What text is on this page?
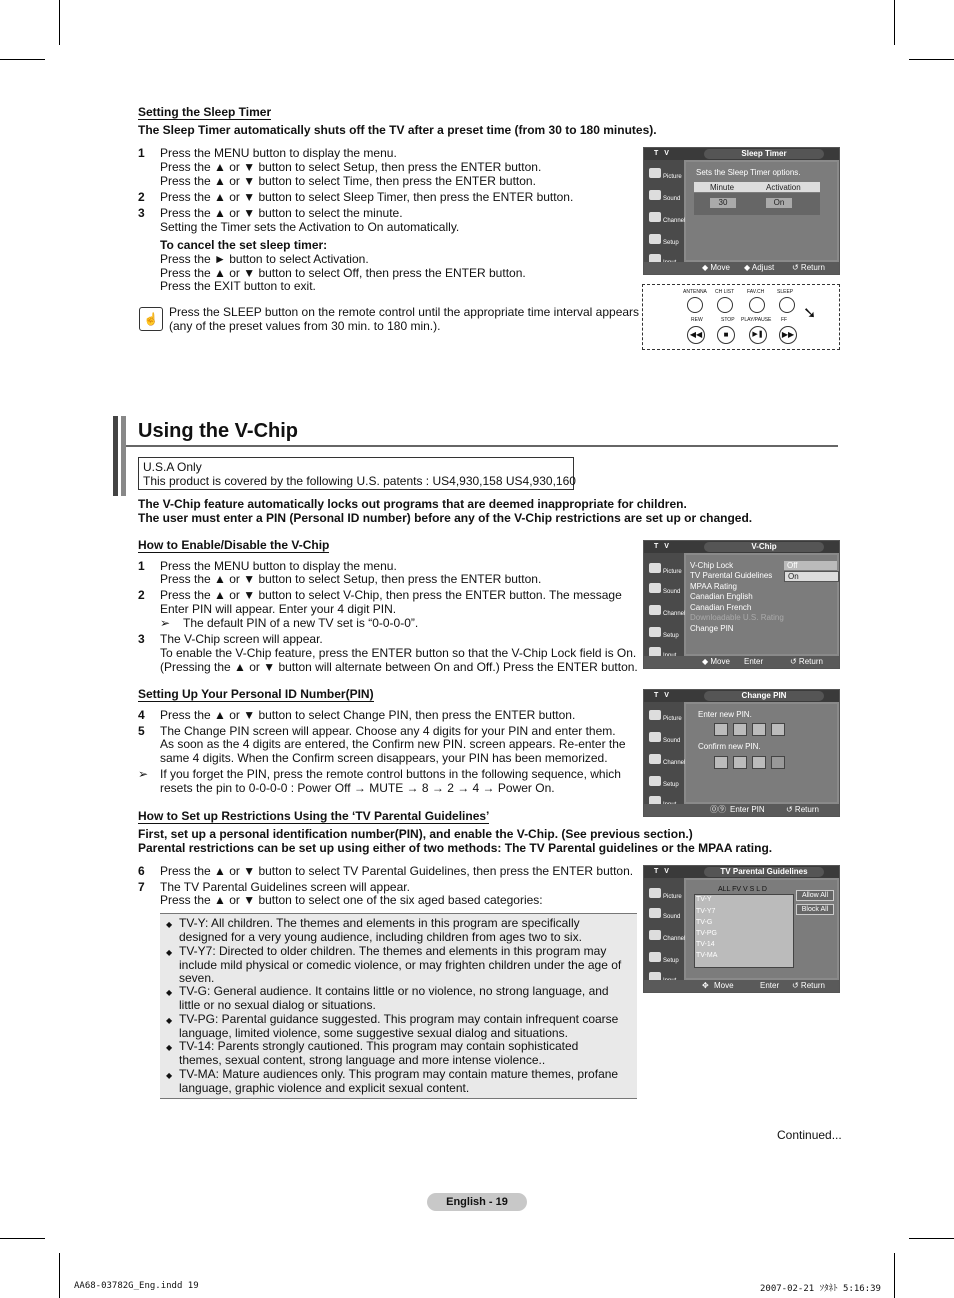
Setting the Sleep Timer
The Sleep Timer automatically shuts off the TV after a preset time (from 30 to 180 minutes).
1 Press the MENU button to display the menu.
Press the ▲ or ▼ button to select Setup, then press the ENTER button.
Press the ▲ or ▼ button to select Time, then press the ENTER button.
2 Press the ▲ or ▼ button to select Sleep Timer, then press the ENTER button.
3 Press the ▲ or ▼ button to select the minute.
Setting the Timer sets the Activation to On automatically.
To cancel the set sleep timer:
Press the ► button to select Activation.
Press the ▲ or ▼ button to select Off, then press the ENTER button.
Press the EXIT button to exit.
☝ Press the SLEEP button on the remote control until the appropriate time interval appears
(any of the preset values from 30 min. to 180 min.).
T V	Sleep Timer
Picture
Sound
Channel
Setup
Sets the Sleep Timer options.
Minute	Activation
30	On
◆ Move ◆ Adjust ↺ Return
ANTENNA CH LIST	FAV.CH	SLEEP
➘
REW	STOP PLAY/PAUSE FF
◀◀	■	▶❚	▶▶
Using the V-Chip
U.S.A Only
This product is covered by the following U.S. patents : US4,930,158 US4,930,160
The V-Chip feature automatically locks out programs that are deemed inappropriate for children.
The user must enter a PIN (Personal ID number) before any of the V-Chip restrictions are set up or changed.
How to Enable/Disable the V-Chip
1 Press the MENU button to display the menu.
Press the ▲ or ▼ button to select Setup, then press the ENTER button.
2 Press the ▲ or ▼ button to select V-Chip, then press the ENTER button. The message
Enter PIN will appear. Enter your 4 digit PIN.
➢ The default PIN of a new TV set is “0-0-0-0”.
3 The V-Chip screen will appear.
To enable the V-Chip feature, press the ENTER button so that the V-Chip Lock field is On.
(Pressing the ▲ or ▼ button will alternate between On and Off.) Press the ENTER button.
T V	V-Chip
Picture
Sound
Channel
Setup
V-Chip Lock
TV Parental Guidelines
MPAA Rating
Canadian English
Canadian French
Downloadable U.S. Rating
Change PIN
Off
On
◆ Move Enter	↺ Return
Setting Up Your Personal ID Number(PIN)
4 Press the ▲ or ▼ button to select Change PIN, then press the ENTER button.
5 The Change PIN screen will appear. Choose any 4 digits for your PIN and enter them.
As soon as the 4 digits are entered, the Confirm new PIN. screen appears. Re-enter the
same 4 digits. When the Confirm screen disappears, your PIN has been memorized.
➢ If you forget the PIN, press the remote control buttons in the following sequence, which
resets the pin to 0-0-0-0 : Power Off → MUTE → 8 → 2 → 4 → Power On.
T V	Change PIN
Picture
Sound
Channel
Setup
Enter new PIN.
Confirm new PIN.
⓪⑨ Enter PIN	↺ Return
How to Set up Restrictions Using the ‘TV Parental Guidelines’
First, set up a personal identification number(PIN), and enable the V-Chip. (See previous section.)
Parental restrictions can be set up using either of two methods: The TV Parental guidelines or the MPAA rating.
6 Press the ▲ or ▼ button to select TV Parental Guidelines, then press the ENTER button.
7 The TV Parental Guidelines screen will appear.
Press the ▲ or ▼ button to select one of the six aged based categories:
◆ TV-Y: All children. The themes and elements in this program are specifically designed for a very young audience, including children from ages two to six.
◆ TV-Y7: Directed to older children. The themes and elements in this program may include mild physical or comedic violence, or may frighten children under the age of seven.
◆ TV-G: General audience. It contains little or no violence, no strong language, and little or no sexual dialog or situations.
◆ TV-PG: Parental guidance suggested. This program may contain infrequent coarse language, limited violence, some suggestive sexual dialog and situations.
◆ TV-14: Parents strongly cautioned. This program may contain sophisticated themes, sexual content, strong language and more intense violence..
◆ TV-MA: Mature audiences only. This program may contain mature themes, profane language, graphic violence and explicit sexual content.
T V	TV Parental Guidelines
Picture
Sound
Channel
Setup
ALL FV V S L D
TV-Y
TV-Y7
TV-G
TV-PG
TV-14
TV-MA
Allow All
Block All
✥ Move	Enter ↺ Return
Continued...
English - 19
AA68-03782G_Eng.indd 19	2007-02-21 ｿﾀﾈﾄ 5:16:39
